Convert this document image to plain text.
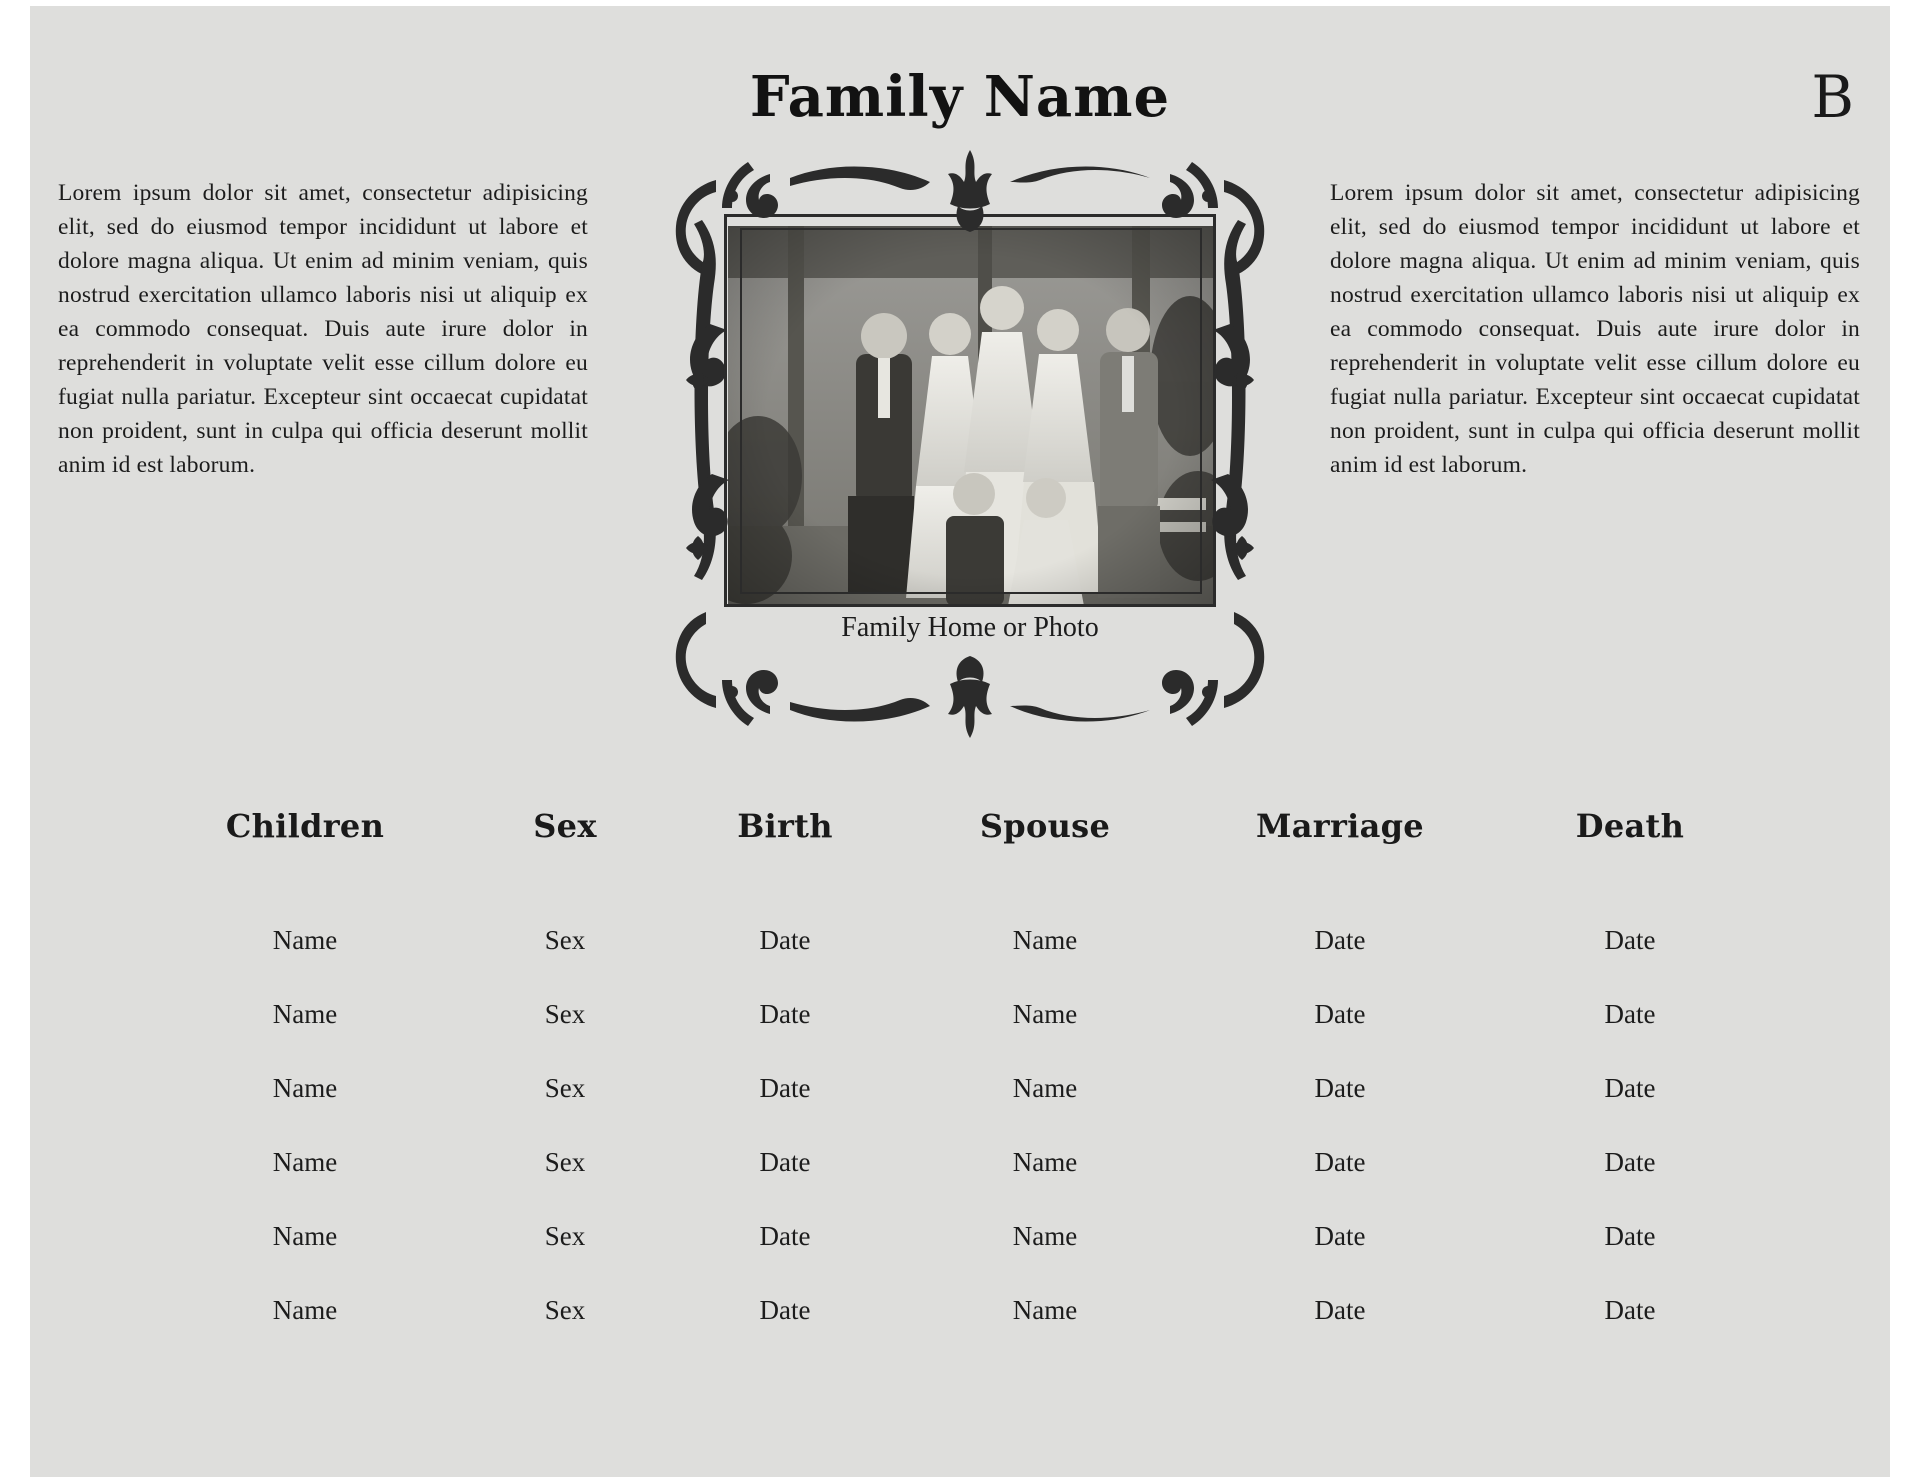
Family Name	B
Lorem ipsum dolor sit amet, consectetur adipisicing elit, sed do eiusmod tempor incididunt ut labore et dolore magna aliqua. Ut enim ad minim veniam, quis nostrud exercitation ullamco laboris nisi ut aliquip ex ea commodo consequat. Duis aute irure dolor in reprehenderit in voluptate velit esse cillum dolore eu fugiat nulla pariatur. Excepteur sint occaecat cupidatat non proident, sunt in culpa qui officia deserunt mollit anim id est laborum.
Lorem ipsum dolor sit amet, consectetur adipisicing elit, sed do eiusmod tempor incididunt ut labore et dolore magna aliqua. Ut enim ad minim veniam, quis nostrud exercitation ullamco laboris nisi ut aliquip ex ea commodo consequat. Duis aute irure dolor in reprehenderit in voluptate velit esse cillum dolore eu fugiat nulla pariatur. Excepteur sint occaecat cupidatat non proident, sunt in culpa qui officia deserunt mollit anim id est laborum.
Family Home or Photo
Children	Sex	Birth	Spouse	Marriage	Death
Name	Sex	Date	Name	Date	Date
Name	Sex	Date	Name	Date	Date
Name	Sex	Date	Name	Date	Date
Name	Sex	Date	Name	Date	Date
Name	Sex	Date	Name	Date	Date
Name	Sex	Date	Name	Date	Date
